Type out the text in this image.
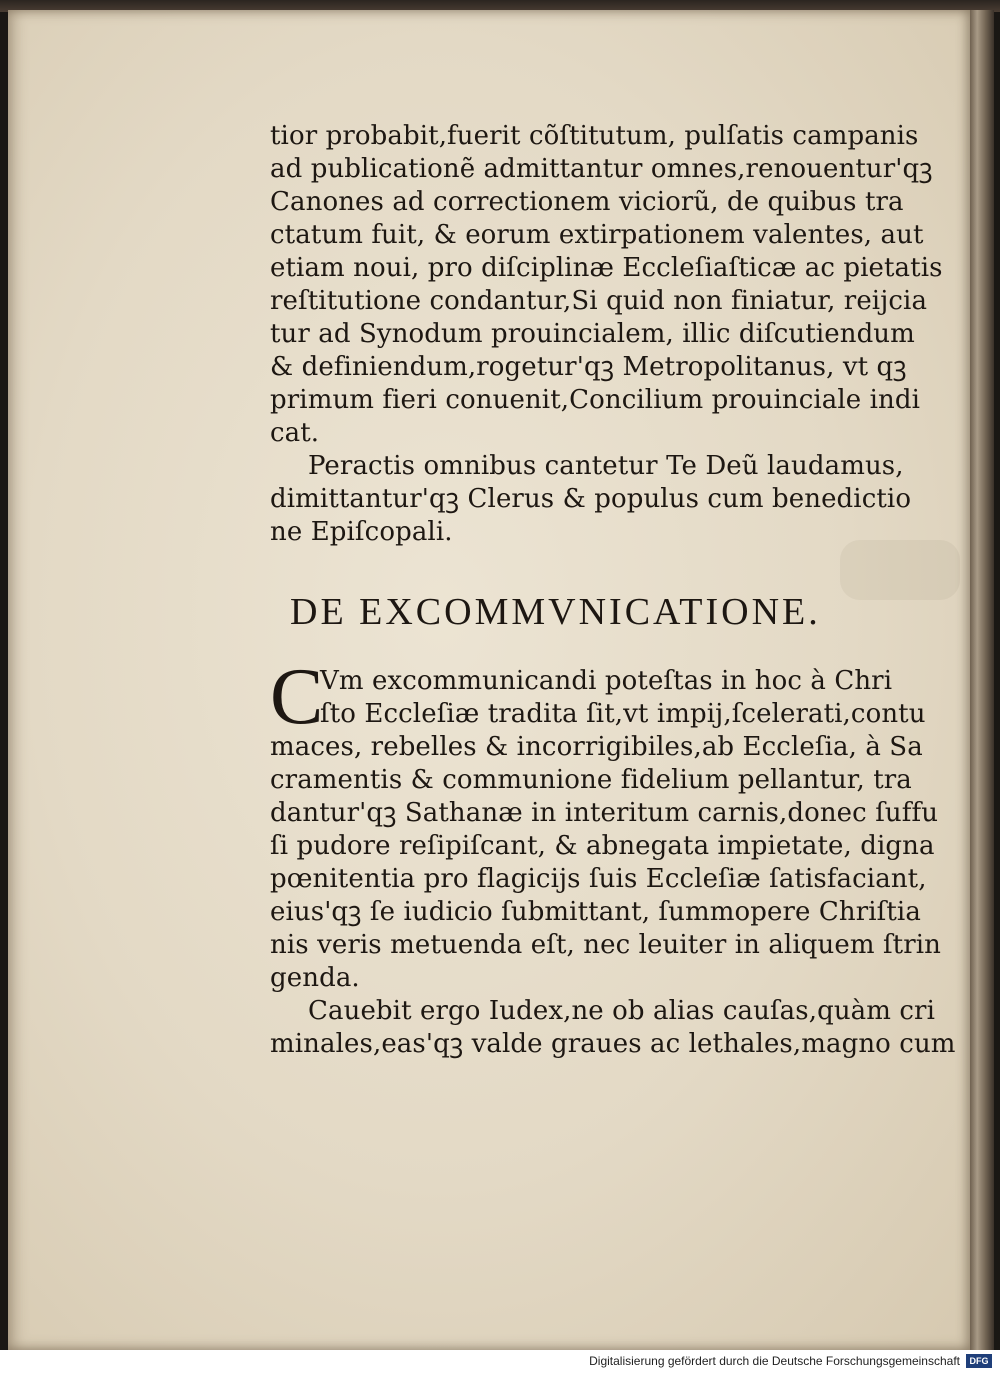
tior probabit,fuerit cõſtitutum, pulſatis campanis
ad publicationẽ admittantur omnes,renouentur'qꝫ
Canones ad correctionem viciorũ, de quibus tra
ctatum fuit, & eorum extirpationem valentes, aut
etiam noui, pro diſciplinæ Eccleſiaſticæ ac pietatis
reſtitutione condantur,Si quid non finiatur, reijcia
tur ad Synodum prouincialem, illic diſcutiendum
& definiendum,rogetur'qꝫ Metropolitanus, vt qꝫ
primum fieri conuenit,Concilium prouinciale indi
cat.
Peractis omnibus cantetur Te Deũ laudamus,
dimittantur'qꝫ Clerus & populus cum benedictio
ne Epiſcopali.
DE EXCOMMVNICATIONE.
C
Vm excommunicandi poteſtas in hoc à Chri
ſto Eccleſiæ tradita ſit,vt impij,ſcelerati,contu
maces, rebelles & incorrigibiles,ab Eccleſia, à Sa
cramentis & communione fidelium pellantur, tra
dantur'qꝫ Sathanæ in interitum carnis,donec ſuffu
ſi pudore reſipiſcant, & abnegata impietate, digna
pœnitentia pro flagicijs ſuis Eccleſiæ ſatisfaciant,
eius'qꝫ ſe iudicio ſubmittant, ſummopere Chriſtia
nis veris metuenda eſt, nec leuiter in aliquem ſtrin
genda.
Cauebit ergo Iudex,ne ob alias cauſas,quàm cri
minales,eas'qꝫ valde graues ac lethales,magno cum
Digitalisierung gefördert durch die Deutsche Forschungsgemeinschaft	DFG
